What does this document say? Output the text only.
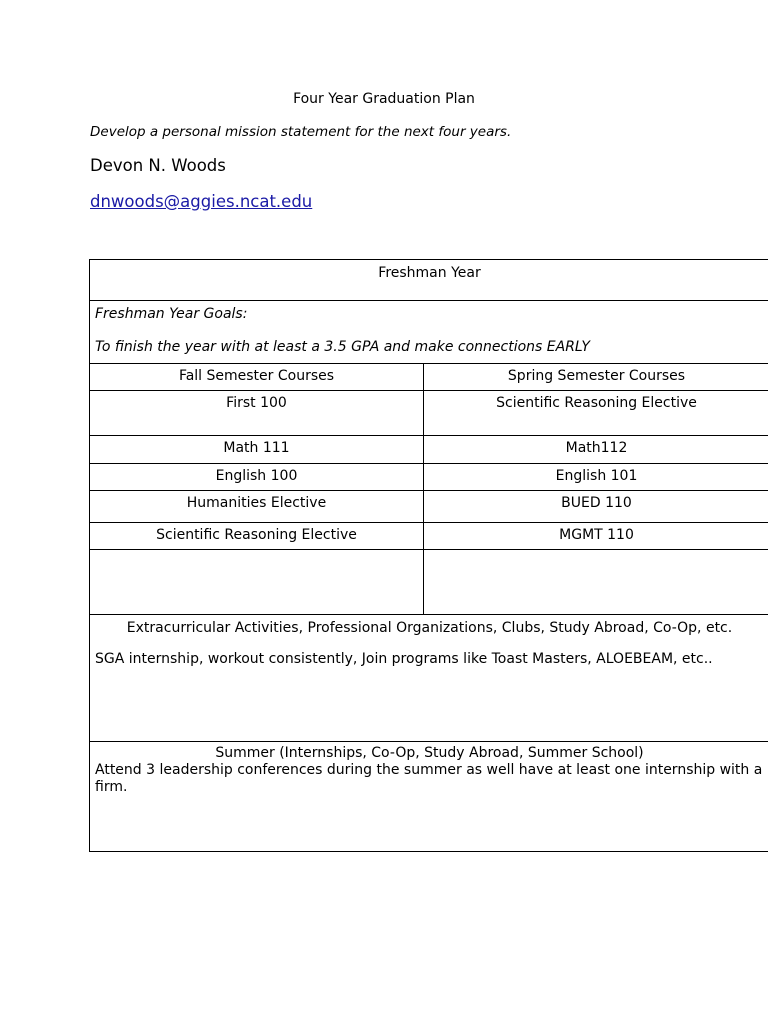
Four Year Graduation Plan
Develop a personal mission statement for the next four years.
Devon N. Woods
dnwoods@aggies.ncat.edu
Freshman Year	

Freshman Year Goals:

To finish the year with at least a 3.5 GPA and make connections EARLY	

Fall Semester Courses	Spring Semester Courses
First 100	Scientific Reasoning Elective
Math 111	Math112
English 100	English 101
Humanities Elective	BUED 110
Scientific Reasoning Elective	MGMT 110

Extracurricular Activities, Professional Organizations, Clubs, Study Abroad, Co-Op, etc.

SGA internship, workout consistently, Join programs like Toast Masters, ALOEBEAM, etc..	

Summer (Internships, Co-Op, Study Abroad, Summer School)
Attend 3 leadership conferences during the summer as well have at least one internship with a firm.	
